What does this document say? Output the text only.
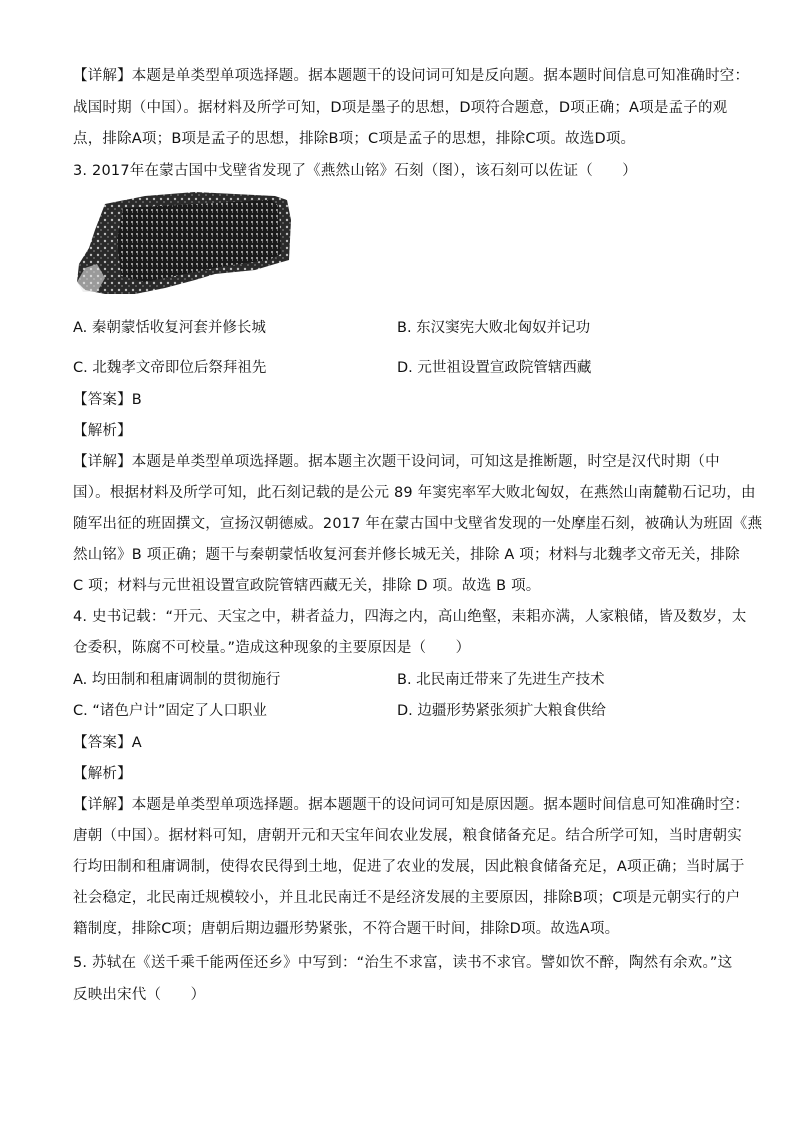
【详解】本题是单类型单项选择题。据本题题干的设问词可知是反向题。据本题时间信息可知准确时空：
战国时期（中国）。据材料及所学可知，D项是墨子的思想，D项符合题意，D项正确；A项是孟子的观
点，排除A项；B项是孟子的思想，排除B项；C项是孟子的思想，排除C项。故选D项。
3. 2017年在蒙古国中戈壁省发现了《燕然山铭》石刻（图），该石刻可以佐证（　　）
A. 秦朝蒙恬收复河套并修长城	B. 东汉窦宪大败北匈奴并记功
C. 北魏孝文帝即位后祭拜祖先	D. 元世祖设置宣政院管辖西藏
【答案】B
【解析】
【详解】本题是单类型单项选择题。据本题主次题干设问词，可知这是推断题，时空是汉代时期（中
国）。根据材料及所学可知，此石刻记载的是公元 89 年窦宪率军大败北匈奴，在燕然山南麓勒石记功，由
随军出征的班固撰文，宣扬汉朝德威。2017 年在蒙古国中戈壁省发现的一处摩崖石刻，被确认为班固《燕
然山铭》B 项正确；题干与秦朝蒙恬收复河套并修长城无关，排除 A 项；材料与北魏孝文帝无关，排除
C 项；材料与元世祖设置宣政院管辖西藏无关，排除 D 项。故选 B 项。
4. 史书记载：“开元、天宝之中，耕者益力，四海之内，高山绝壑，耒耜亦满，人家粮储，皆及数岁，太
仓委积，陈腐不可校量。”造成这种现象的主要原因是（　　）
A. 均田制和租庸调制的贯彻施行	B. 北民南迁带来了先进生产技术
C. “诸色户计”固定了人口职业	D. 边疆形势紧张须扩大粮食供给
【答案】A
【解析】
【详解】本题是单类型单项选择题。据本题题干的设问词可知是原因题。据本题时间信息可知准确时空：
唐朝（中国）。据材料可知，唐朝开元和天宝年间农业发展，粮食储备充足。结合所学可知，当时唐朝实
行均田制和租庸调制，使得农民得到土地，促进了农业的发展，因此粮食储备充足，A项正确；当时属于
社会稳定，北民南迁规模较小，并且北民南迁不是经济发展的主要原因，排除B项；C项是元朝实行的户
籍制度，排除C项；唐朝后期边疆形势紧张，不符合题干时间，排除D项。故选A项。
5. 苏轼在《送千乘千能两侄还乡》中写到：“治生不求富，读书不求官。譬如饮不醉，陶然有余欢。”这
反映出宋代（　　）
